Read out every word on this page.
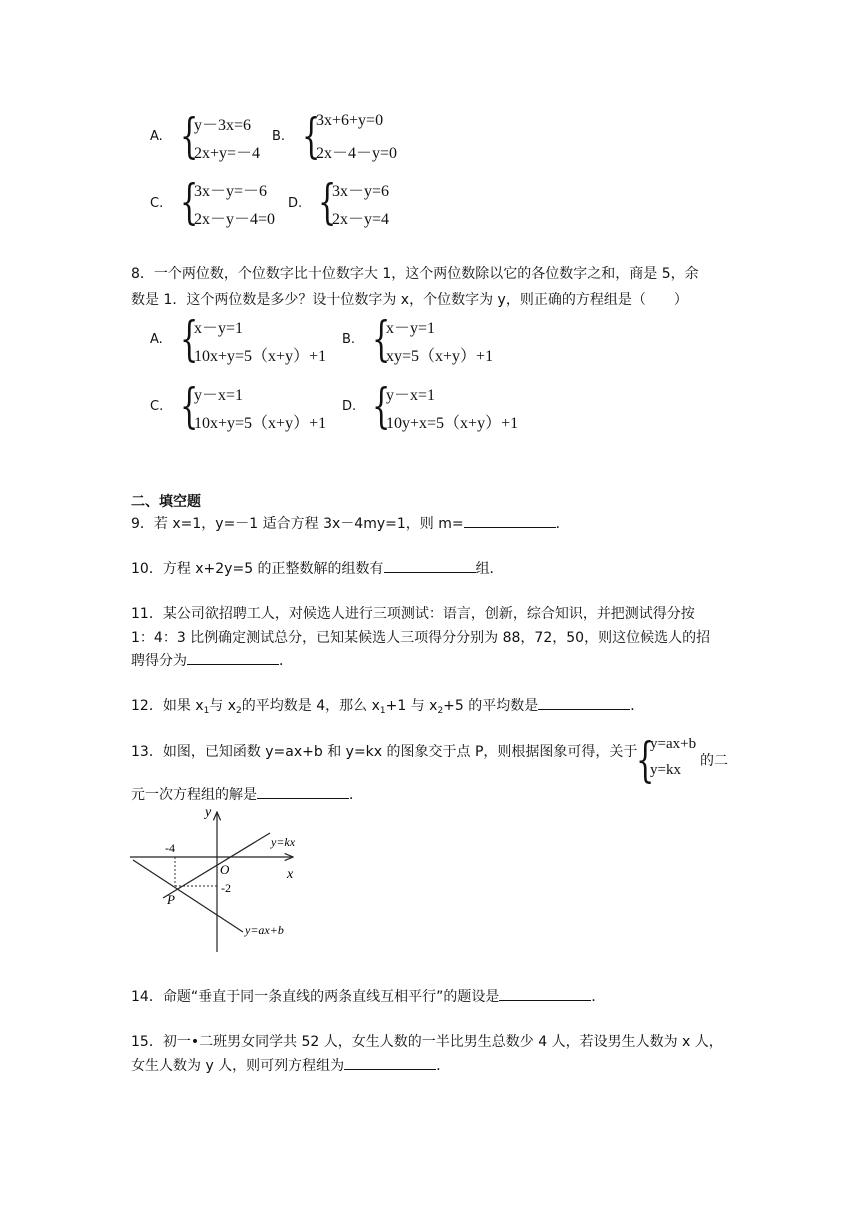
A. {
y－3x=6
2x+y=－4
B. {
3x+6+y=0
2x－4－y=0
C. {
3x－y=－6
2x－y－4=0
D. {
3x－y=6
2x－y=4
8．一个两位数，个位数字比十位数字大 1，这个两位数除以它的各位数字之和，商是 5，余
数是 1．这个两位数是多少？设十位数字为 x，个位数字为 y，则正确的方程组是（　　）
A. {
x－y=1
10x+y=5（x+y）+1
B. {
x－y=1
xy=5（x+y）+1
C. {
y－x=1
10x+y=5（x+y）+1
D. {
y－x=1
10y+x=5（x+y）+1
二、填空题
9．若 x=1，y=－1 适合方程 3x－4my=1，则 m=	．
10．方程 x+2y=5 的正整数解的组数有	组．
11．某公司欲招聘工人，对候选人进行三项测试：语言，创新，综合知识，并把测试得分按
1：4：3 比例确定测试总分，已知某候选人三项得分分别为 88，72，50，则这位候选人的招
聘得分为	．
12．如果 $x_1$与 $x_2$的平均数是 4，那么 $x_1+1$ 与 $x_2+5$ 的平均数是	．
13．如图，已知函数 y=ax+b 和 y=kx 的图象交于点 P，则根据图象可得，关于
{
y=ax+b
y=kx
的二
元一次方程组的解是	．
y
x
O
P
-4
-2
y=kx
y=ax+b
14．命题“垂直于同一条直线的两条直线互相平行”的题设是	．
15．初一•二班男女同学共 52 人，女生人数的一半比男生总数少 4 人，若设男生人数为 x 人，
女生人数为 y 人，则可列方程组为	．
